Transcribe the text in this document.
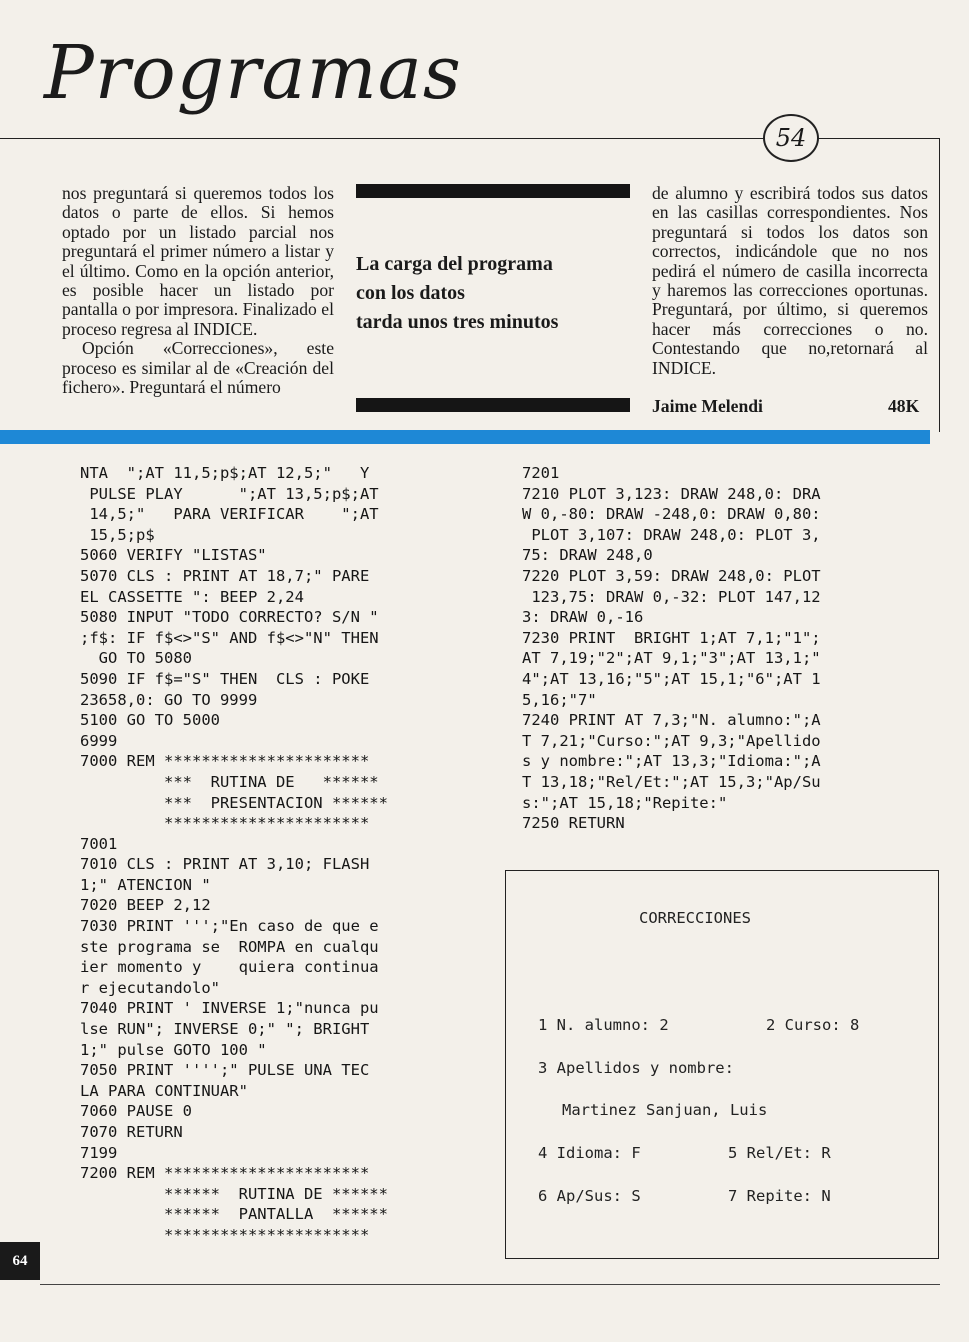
Programas
54

nos preguntará si queremos todos los datos o parte de ellos. Si hemos optado por un listado parcial nos preguntará el primer número a listar y el último. Como en la opción anterior, es posible hacer un listado por pantalla o por impresora. Finalizado el proceso regresa al INDICE.

Opción «Correcciones», este proceso es similar al de «Creación del fichero». Preguntará el número

La carga del programa
con los datos
tarda unos tres minutos

de alumno y escribirá todos sus datos en las casillas correspondientes. Nos preguntará si todos los datos son correctos, indicándole que no nos pedirá el número de casilla incorrecta y haremos las correcciones oportunas. Preguntará, por último, si queremos hacer más correcciones o no. Contestando que no,retornará al INDICE.

Jaime Melendi	48K
NTA  ";AT 11,5;p$;AT 12,5;"   Y
PULSE PLAY      ";AT 13,5;p$;AT
14,5;"   PARA VERIFICAR    ";AT
15,5;p$
5060 VERIFY "LISTAS"
5070 CLS : PRINT AT 18,7;" PARE
EL CASSETTE ": BEEP 2,24
5080 INPUT "TODO CORRECTO? S/N "
;f$: IF f$<>"S" AND f$<>"N" THEN
GO TO 5080
5090 IF f$="S" THEN  CLS : POKE
23658,0: GO TO 9999
5100 GO TO 5000
6999
7000 REM **********************
***  RUTINA DE   ******
***  PRESENTACION ******
**********************
7001
7010 CLS : PRINT AT 3,10; FLASH
1;" ATENCION "
7020 BEEP 2,12
7030 PRINT ''';"En caso de que e
ste programa se  ROMPA en cualqu
ier momento y    quiera continua
r ejecutandolo"
7040 PRINT ' INVERSE 1;"nunca pu
lse RUN"; INVERSE 0;" "; BRIGHT
1;" pulse GOTO 100 "
7050 PRINT '''';" PULSE UNA TEC
LA PARA CONTINUAR"
7060 PAUSE 0
7070 RETURN
7199
7200 REM **********************
******  RUTINA DE ******
******  PANTALLA  ******
**********************
7201
7210 PLOT 3,123: DRAW 248,0: DRA
W 0,-80: DRAW -248,0: DRAW 0,80:
PLOT 3,107: DRAW 248,0: PLOT 3,
75: DRAW 248,0
7220 PLOT 3,59: DRAW 248,0: PLOT
123,75: DRAW 0,-32: PLOT 147,12
3: DRAW 0,-16
7230 PRINT  BRIGHT 1;AT 7,1;"1";
AT 7,19;"2";AT 9,1;"3";AT 13,1;"
4";AT 13,16;"5";AT 15,1;"6";AT 1
5,16;"7"
7240 PRINT AT 7,3;"N. alumno:";A
T 7,21;"Curso:";AT 9,3;"Apellido
s y nombre:";AT 13,3;"Idioma:";A
T 13,18;"Rel/Et:";AT 15,3;"Ap/Su
s:";AT 15,18;"Repite:"
7250 RETURN
CORRECCIONES
1 N. alumno: 2	2 Curso: 8
3 Apellidos y nombre:
Martinez Sanjuan, Luis
4 Idioma: F	5 Rel/Et: R
6 Ap/Sus: S	7 Repite: N
64
